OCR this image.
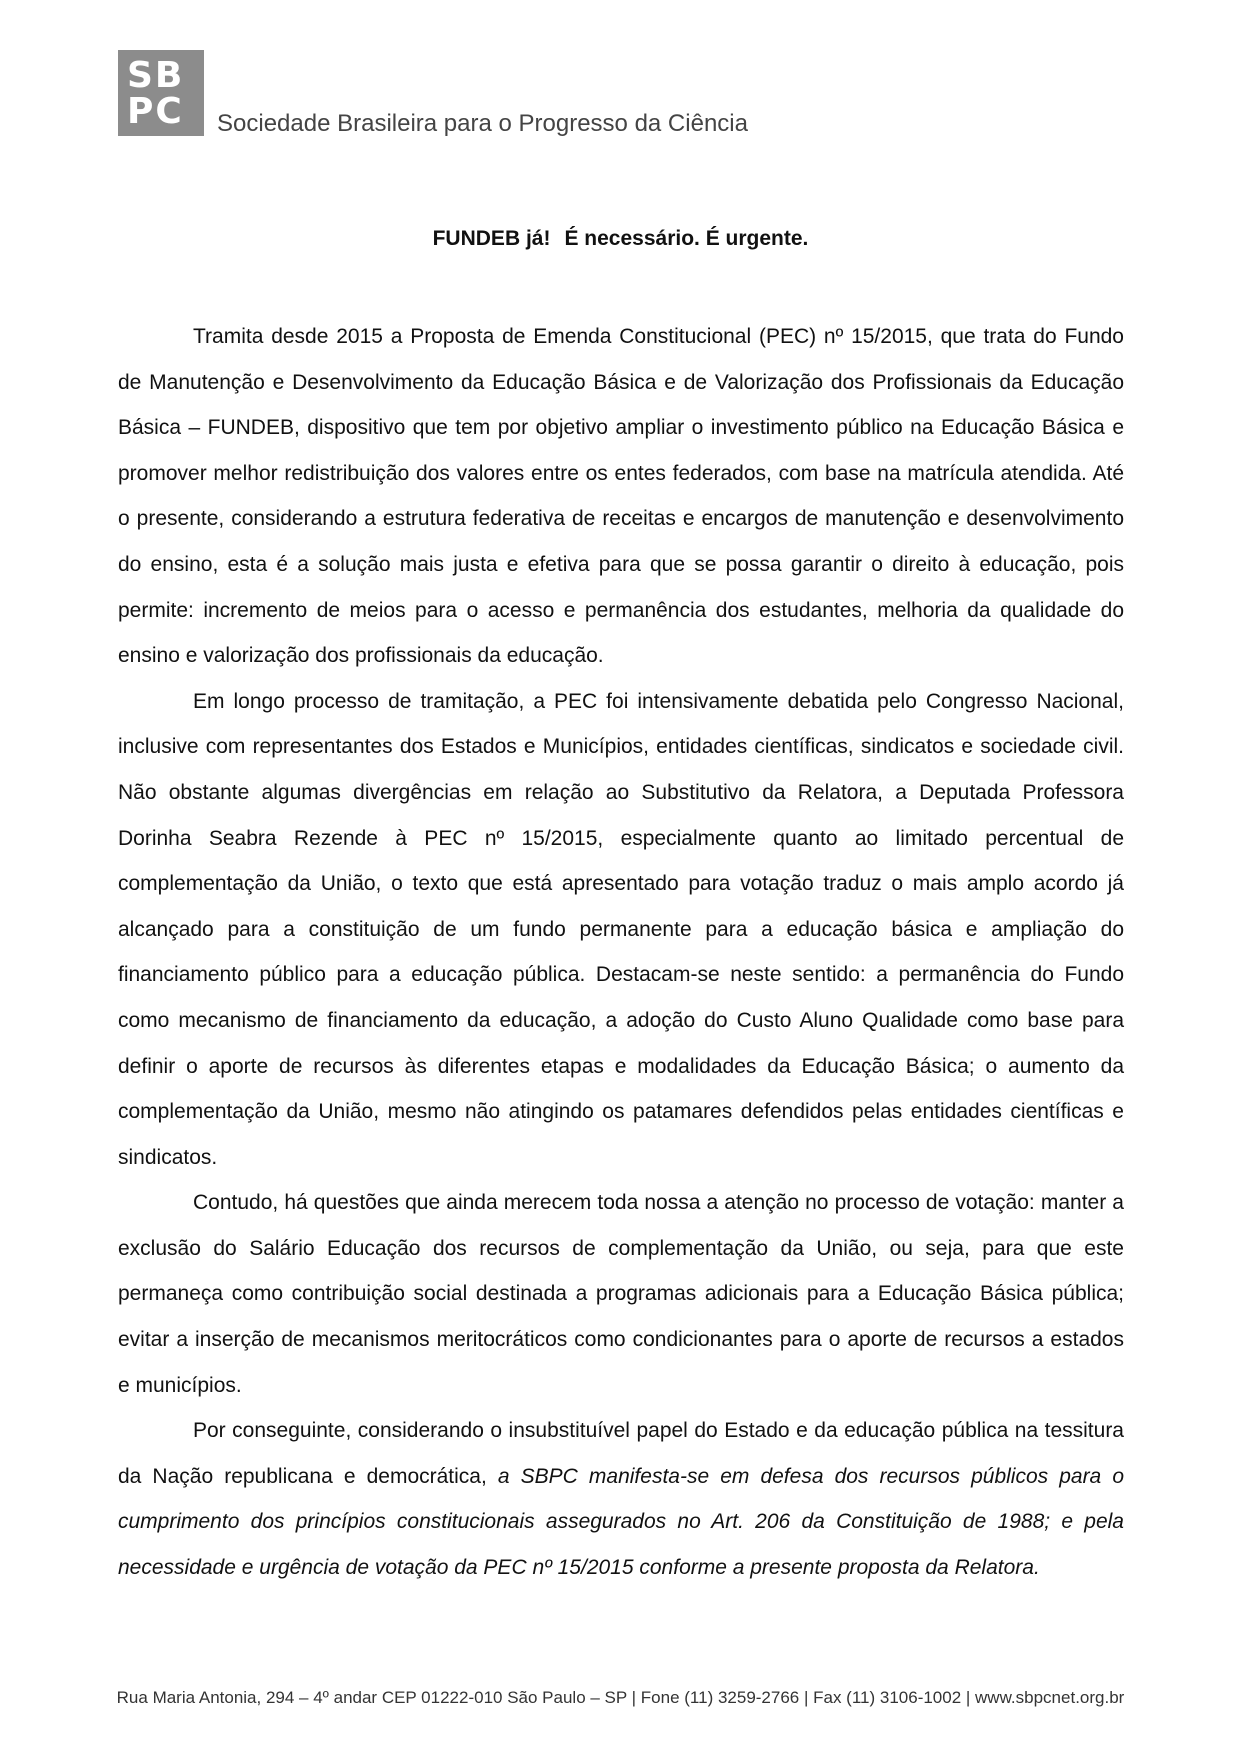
SB
PC Sociedade Brasileira para o Progresso da Ciência
FUNDEB já! É necessário. É urgente.

Tramita desde 2015 a Proposta de Emenda Constitucional (PEC) nº 15/2015, que trata do Fundo de Manutenção e Desenvolvimento da Educação Básica e de Valorização dos Profissionais da Educação Básica – FUNDEB, dispositivo que tem por objetivo ampliar o investimento público na Educação Básica e promover melhor redistribuição dos valores entre os entes federados, com base na matrícula atendida. Até o presente, considerando a estrutura federativa de receitas e encargos de manutenção e desenvolvimento do ensino, esta é a solução mais justa e efetiva para que se possa garantir o direito à educação, pois permite: incremento de meios para o acesso e permanência dos estudantes, melhoria da qualidade do ensino e valorização dos profissionais da educação.

Em longo processo de tramitação, a PEC foi intensivamente debatida pelo Congresso Nacional, inclusive com representantes dos Estados e Municípios, entidades científicas, sindicatos e sociedade civil. Não obstante algumas divergências em relação ao Substitutivo da Relatora, a Deputada Professora Dorinha Seabra Rezende à PEC nº 15/2015, especialmente quanto ao limitado percentual de complementação da União, o texto que está apresentado para votação traduz o mais amplo acordo já alcançado para a constituição de um fundo permanente para a educação básica e ampliação do financiamento público para a educação pública. Destacam-se neste sentido: a permanência do Fundo como mecanismo de financiamento da educação, a adoção do Custo Aluno Qualidade como base para definir o aporte de recursos às diferentes etapas e modalidades da Educação Básica; o aumento da complementação da União, mesmo não atingindo os patamares defendidos pelas entidades científicas e sindicatos.

Contudo, há questões que ainda merecem toda nossa a atenção no processo de votação: manter a exclusão do Salário Educação dos recursos de complementação da União, ou seja, para que este permaneça como contribuição social destinada a programas adicionais para a Educação Básica pública; evitar a inserção de mecanismos meritocráticos como condicionantes para o aporte de recursos a estados e municípios.

Por conseguinte, considerando o insubstituível papel do Estado e da educação pública na tessitura da Nação republicana e democrática, a SBPC manifesta-se em defesa dos recursos públicos para o cumprimento dos princípios constitucionais assegurados no Art. 206 da Constituição de 1988; e pela necessidade e urgência de votação da PEC nº 15/2015 conforme a presente proposta da Relatora.

Rua Maria Antonia, 294 – 4º andar CEP 01222-010 São Paulo – SP | Fone (11) 3259-2766 | Fax (11) 3106-1002 | www.sbpcnet.org.br
